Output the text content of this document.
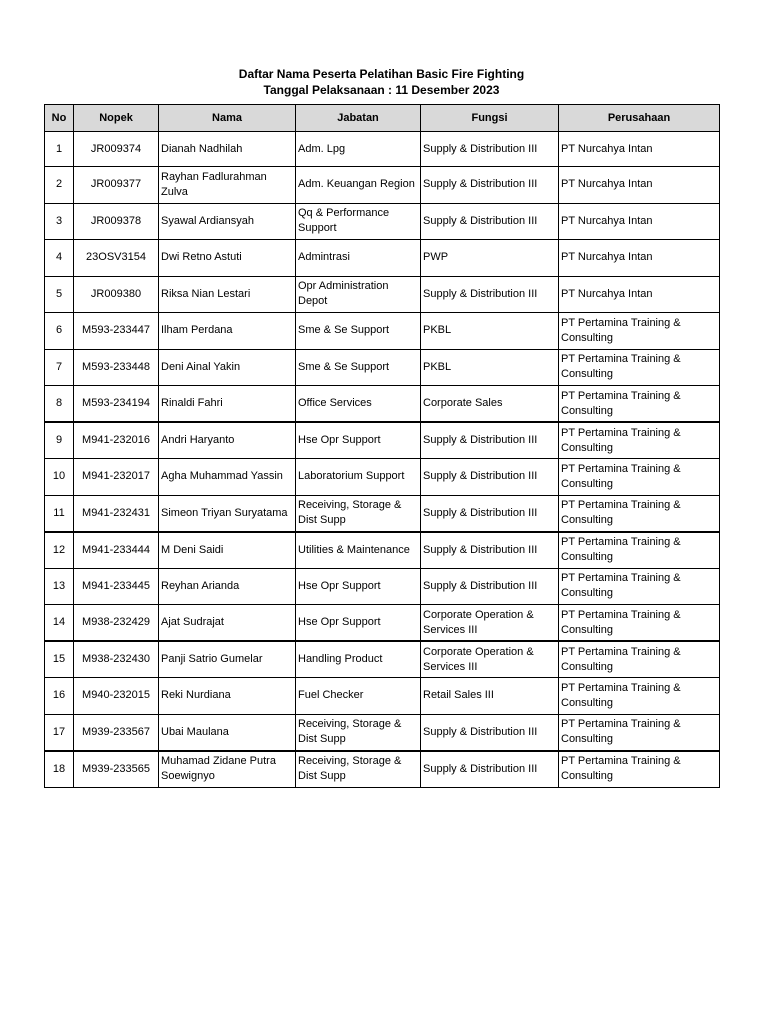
Daftar Nama Peserta Pelatihan Basic Fire Fighting
Tanggal Pelaksanaan : 11 Desember 2023
No	Nopek	Nama	Jabatan	Fungsi	Perusahaan
1	JR009374	Dianah Nadhilah	Adm. Lpg	Supply & Distribution III	PT Nurcahya Intan
2	JR009377	Rayhan Fadlurahman Zulva	Adm. Keuangan Region	Supply & Distribution III	PT Nurcahya Intan
3	JR009378	Syawal Ardiansyah	Qq & Performance Support	Supply & Distribution III	PT Nurcahya Intan
4	23OSV3154	Dwi Retno Astuti	Admintrasi	PWP	PT Nurcahya Intan
5	JR009380	Riksa Nian Lestari	Opr Administration Depot	Supply & Distribution III	PT Nurcahya Intan
6	M593-233447	Ilham Perdana	Sme & Se Support	PKBL	PT Pertamina Training & Consulting
7	M593-233448	Deni Ainal Yakin	Sme & Se Support	PKBL	PT Pertamina Training & Consulting
8	M593-234194	Rinaldi Fahri	Office Services	Corporate Sales	PT Pertamina Training & Consulting
9	M941-232016	Andri Haryanto	Hse Opr Support	Supply & Distribution III	PT Pertamina Training & Consulting
10	M941-232017	Agha Muhammad Yassin	Laboratorium Support	Supply & Distribution III	PT Pertamina Training & Consulting
11	M941-232431	Simeon Triyan Suryatama	Receiving, Storage & Dist Supp	Supply & Distribution III	PT Pertamina Training & Consulting
12	M941-233444	M Deni Saidi	Utilities & Maintenance	Supply & Distribution III	PT Pertamina Training & Consulting
13	M941-233445	Reyhan Arianda	Hse Opr Support	Supply & Distribution III	PT Pertamina Training & Consulting
14	M938-232429	Ajat Sudrajat	Hse Opr Support	Corporate Operation & Services III	PT Pertamina Training & Consulting
15	M938-232430	Panji Satrio Gumelar	Handling Product	Corporate Operation & Services III	PT Pertamina Training & Consulting
16	M940-232015	Reki Nurdiana	Fuel Checker	Retail Sales III	PT Pertamina Training & Consulting
17	M939-233567	Ubai Maulana	Receiving, Storage & Dist Supp	Supply & Distribution III	PT Pertamina Training & Consulting
18	M939-233565	Muhamad Zidane Putra Soewignyo	Receiving, Storage & Dist Supp	Supply & Distribution III	PT Pertamina Training & Consulting
